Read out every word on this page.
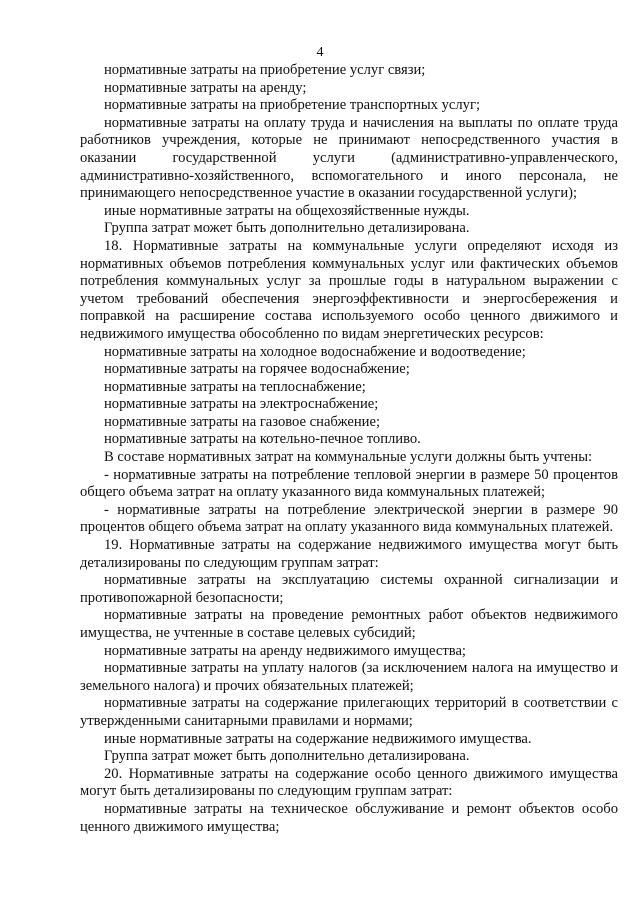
4

нормативные затраты на приобретение услуг связи;

нормативные затраты на аренду;

нормативные затраты на приобретение транспортных услуг;

нормативные затраты на оплату труда и начисления на выплаты по оплате труда работников учреждения, которые не принимают непосредственного участия в оказании государственной услуги (административно-управленческого, административно-хозяйственного, вспомогательного и иного персонала, не принимающего непосредственное участие в оказании государственной услуги);

иные нормативные затраты на общехозяйственные нужды.

Группа затрат может быть дополнительно детализирована.

18. Нормативные затраты на коммунальные услуги определяют исходя из нормативных объемов потребления коммунальных услуг или фактических объемов потребления коммунальных услуг за прошлые годы в натуральном выражении с учетом требований обеспечения энергоэффективности и энергосбережения и поправкой на расширение состава используемого особо ценного движимого и недвижимого имущества обособленно по видам энергетических ресурсов:

нормативные затраты на холодное водоснабжение и водоотведение;

нормативные затраты на горячее водоснабжение;

нормативные затраты на теплоснабжение;

нормативные затраты на электроснабжение;

нормативные затраты на газовое снабжение;

нормативные затраты на котельно-печное топливо.

В составе нормативных затрат на коммунальные услуги должны быть учтены:

- нормативные затраты на потребление тепловой энергии в размере 50 процентов общего объема затрат на оплату указанного вида коммунальных платежей;

- нормативные затраты на потребление электрической энергии в размере 90 процентов общего объема затрат на оплату указанного вида коммунальных платежей.

19. Нормативные затраты на содержание недвижимого имущества могут быть детализированы по следующим группам затрат:

нормативные затраты на эксплуатацию системы охранной сигнализации и противопожарной безопасности;

нормативные затраты на проведение ремонтных работ объектов недвижимого имущества, не учтенные в составе целевых субсидий;

нормативные затраты на аренду недвижимого имущества;

нормативные затраты на уплату налогов (за исключением налога на имущество и земельного налога) и прочих обязательных платежей;

нормативные затраты на содержание прилегающих территорий в соответствии с утвержденными санитарными правилами и нормами;

иные нормативные затраты на содержание недвижимого имущества.

Группа затрат может быть дополнительно детализирована.

20. Нормативные затраты на содержание особо ценного движимого имущества могут быть детализированы по следующим группам затрат:

нормативные затраты на техническое обслуживание и ремонт объектов особо ценного движимого имущества;
